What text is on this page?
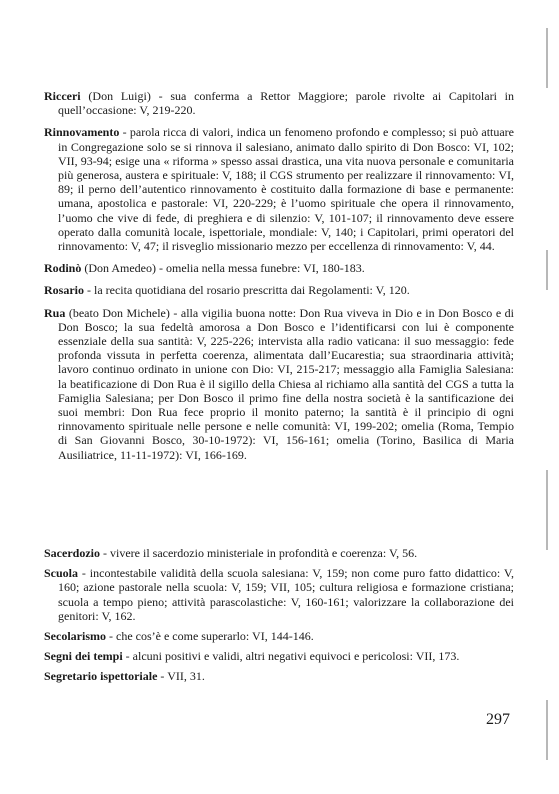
Ricceri (Don Luigi) - sua conferma a Rettor Maggiore; parole rivolte ai Capitolari in quell’occasione: V, 219-220.

Rinnovamento - parola ricca di valori, indica un fenomeno profondo e complesso; si può attuare in Congregazione solo se si rinnova il salesiano, animato dallo spirito di Don Bosco: VI, 102; VII, 93-94; esige una « riforma » spesso assai drastica, una vita nuova personale e comunitaria più generosa, austera e spirituale: V, 188; il CGS strumento per realizzare il rinnovamento: VI, 89; il perno dell’autentico rinnovamento è costituito dalla formazione di base e permanente: umana, apostolica e pastorale: VI, 220-229; è l’uomo spirituale che opera il rinnovamento, l’uomo che vive di fede, di preghiera e di silenzio: V, 101-107; il rinnovamento deve essere operato dalla comunità locale, ispettoriale, mondiale: V, 140; i Capitolari, primi operatori del rinnovamento: V, 47; il risveglio missionario mezzo per eccellenza di rinnovamento: V, 44.

Rodinò (Don Amedeo) - omelia nella messa funebre: VI, 180-183.

Rosario - la recita quotidiana del rosario prescritta dai Regolamenti: V, 120.

Rua (beato Don Michele) - alla vigilia buona notte: Don Rua viveva in Dio e in Don Bosco e di Don Bosco; la sua fedeltà amorosa a Don Bosco e l’identificarsi con lui è componente essenziale della sua santità: V, 225-226; intervista alla radio vaticana: il suo messaggio: fede profonda vissuta in perfetta coerenza, alimentata dall’Eucarestia; sua straordinaria attività; lavoro continuo ordinato in unione con Dio: VI, 215-217; messaggio alla Famiglia Salesiana: la beatificazione di Don Rua è il sigillo della Chiesa al richiamo alla santità del CGS a tutta la Famiglia Salesiana; per Don Bosco il primo fine della nostra società è la santificazione dei suoi membri: Don Rua fece proprio il monito paterno; la santità è il principio di ogni rinnovamento spirituale nelle persone e nelle comunità: VI, 199-202; omelia (Roma, Tempio di San Giovanni Bosco, 30-10-1972): VI, 156-161; omelia (Torino, Basilica di Maria Ausiliatrice, 11-11-1972): VI, 166-169.

Sacerdozio - vivere il sacerdozio ministeriale in profondità e coerenza: V, 56.

Scuola - incontestabile validità della scuola salesiana: V, 159; non come puro fatto didattico: V, 160; azione pastorale nella scuola: V, 159; VII, 105; cultura religiosa e formazione cristiana; scuola a tempo pieno; attività parascolastiche: V, 160-161; valorizzare la collaborazione dei genitori: V, 162.

Secolarismo - che cos’è e come superarlo: VI, 144-146.

Segni dei tempi - alcuni positivi e validi, altri negativi equivoci e pericolosi: VII, 173.

Segretario ispettoriale - VII, 31.

297
